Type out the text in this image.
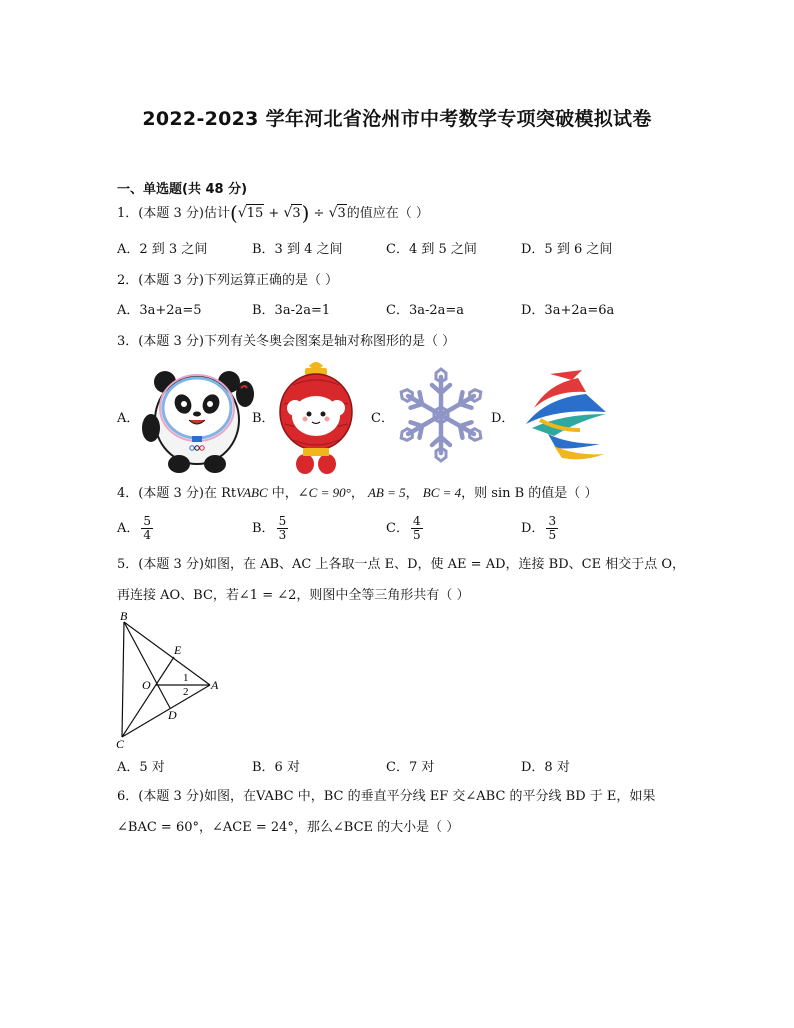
2022-2023 学年河北省沧州市中考数学专项突破模拟试卷
一、单选题(共 48 分)
1．(本题 3 分)估计(√15 + √3) ÷ √3的值应在（ ）
A．2 到 3 之间	B．3 到 4 之间	C．4 到 5 之间	D．5 到 6 之间
2．(本题 3 分)下列运算正确的是（ ）
A．3a+2a=5	B．3a-2a=1	C．3a-2a=a	D．3a+2a=6a
3．(本题 3 分)下列有关冬奥会图案是轴对称图形的是（ ）
A．	B．	C．	D．
4．(本题 3 分)在 RtVABC 中，∠C = 90°， AB = 5， BC = 4，则 sin B 的值是（ ）
A． $\frac{5}{4}$	B． $\frac{5}{3}$	C． $\frac{4}{5}$	D． $\frac{3}{5}$
5．(本题 3 分)如图，在 AB、AC 上各取一点 E、D，使 AE = AD，连接 BD、CE 相交于点 O，
再连接 AO、BC，若∠1 = ∠2，则图中全等三角形共有（ ）
B
E
O	A
D
C
1
2
A．5 对	B．6 对	C．7 对	D．8 对
6．(本题 3 分)如图，在VABC 中，BC 的垂直平分线 EF 交∠ABC 的平分线 BD 于 E，如果
∠BAC = 60°，∠ACE = 24°，那么∠BCE 的大小是（ ）
